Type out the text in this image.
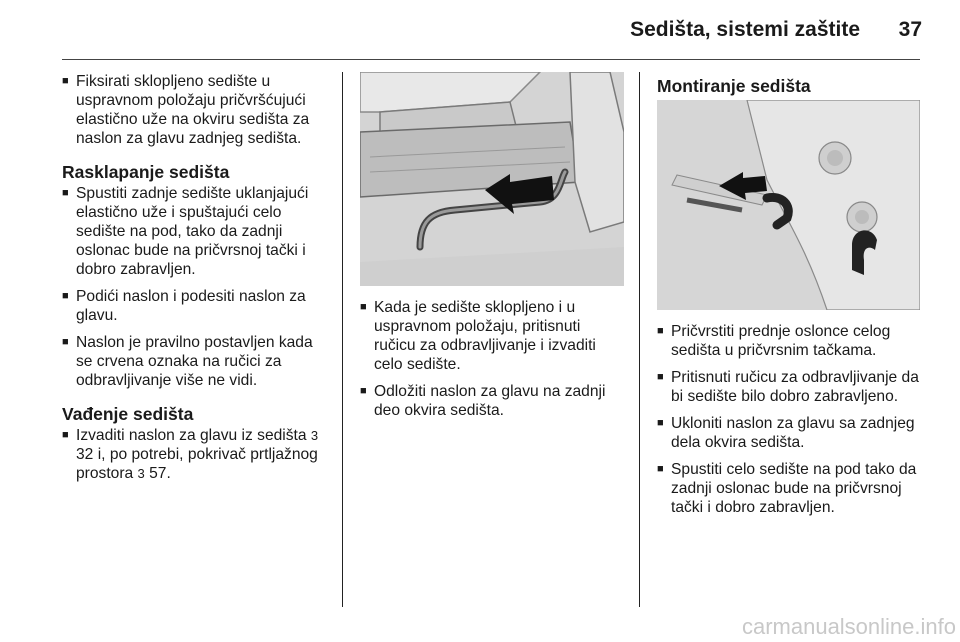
Sedišta, sistemi zaštite	37
■ Fiksirati sklopljeno sedište u uspravnom položaju pričvršćujući elastično uže na okviru sedišta za naslon za glavu zadnjeg sedišta.
Rasklapanje sedišta
■ Spustiti zadnje sedište uklanjajući elastično uže i spuštajući celo sedište na pod, tako da zadnji oslonac bude na pričvrsnoj tački i dobro zabravljen.
■ Podići naslon i podesiti naslon za glavu.
■ Naslon je pravilno postavljen kada se crvena oznaka na ručici za odbravljivanje više ne vidi.
Vađenje sedišta
■ Izvaditi naslon za glavu iz sedišta 3 32 i, po potrebi, pokrivač prtljažnog prostora 3 57.
■ Kada je sedište sklopljeno i u uspravnom položaju, pritisnuti ručicu za odbravljivanje i izvaditi celo sedište.
■ Odložiti naslon za glavu na zadnji deo okvira sedišta.
Montiranje sedišta
■ Pričvrstiti prednje oslonce celog sedišta u pričvrsnim tačkama.
■ Pritisnuti ručicu za odbravljivanje da bi sedište bilo dobro zabravljeno.
■ Ukloniti naslon za glavu sa zadnjeg dela okvira sedišta.
■ Spustiti celo sedište na pod tako da zadnji oslonac bude na pričvrsnoj tački i dobro zabravljen.
carmanualsonline.info
